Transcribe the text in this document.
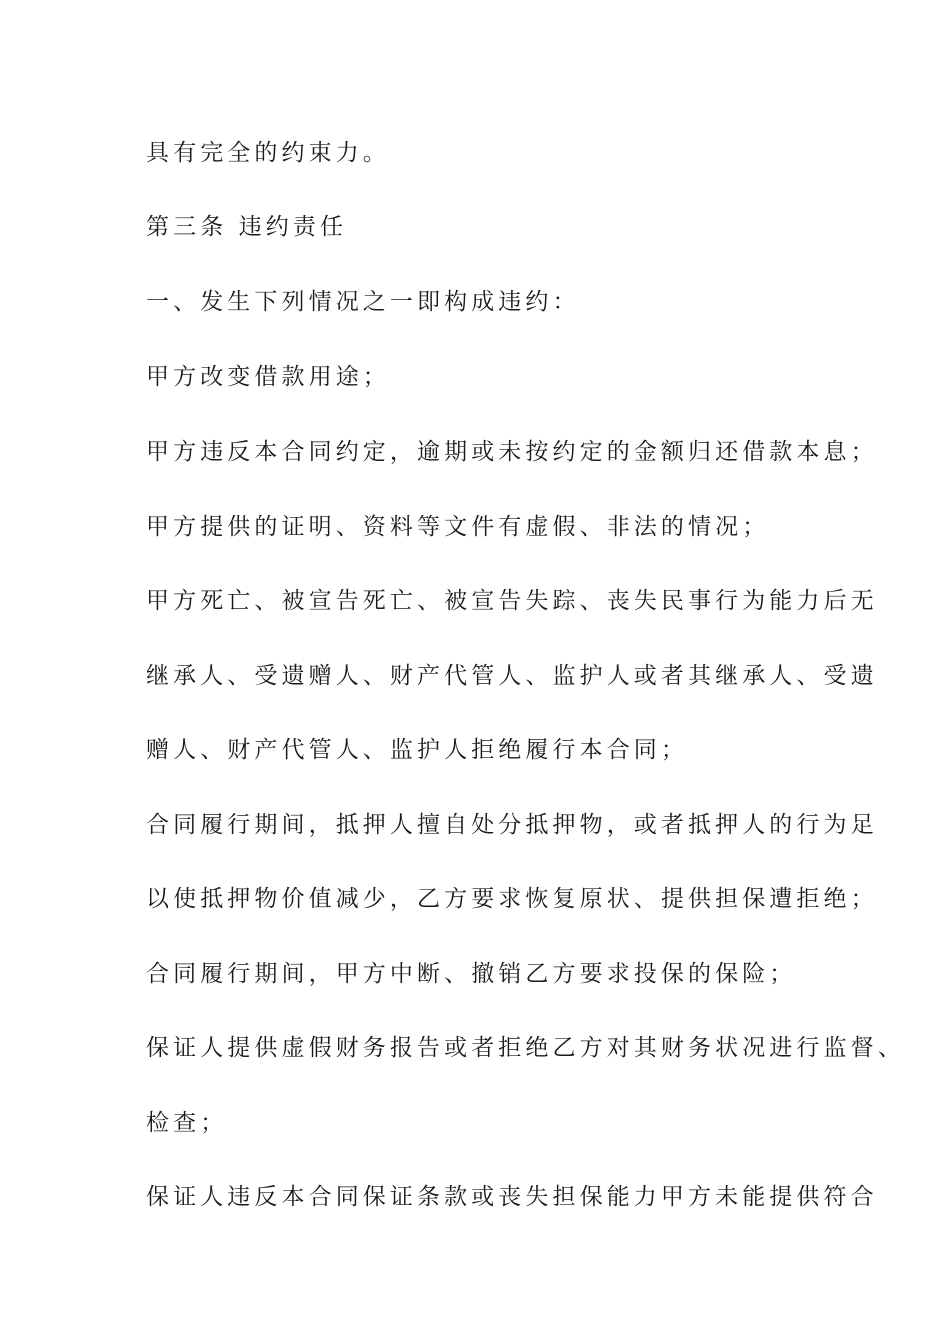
具有完全的约束力。

第三条 违约责任

一、发生下列情况之一即构成违约：

甲方改变借款用途；

甲方违反本合同约定，逾期或未按约定的金额归还借款本息；

甲方提供的证明、资料等文件有虚假、非法的情况；

甲方死亡、被宣告死亡、被宣告失踪、丧失民事行为能力后无

继承人、受遗赠人、财产代管人、监护人或者其继承人、受遗

赠人、财产代管人、监护人拒绝履行本合同；

合同履行期间，抵押人擅自处分抵押物，或者抵押人的行为足

以使抵押物价值减少，乙方要求恢复原状、提供担保遭拒绝；

合同履行期间，甲方中断、撤销乙方要求投保的保险；

保证人提供虚假财务报告或者拒绝乙方对其财务状况进行监督、

检查；

保证人违反本合同保证条款或丧失担保能力甲方未能提供符合
